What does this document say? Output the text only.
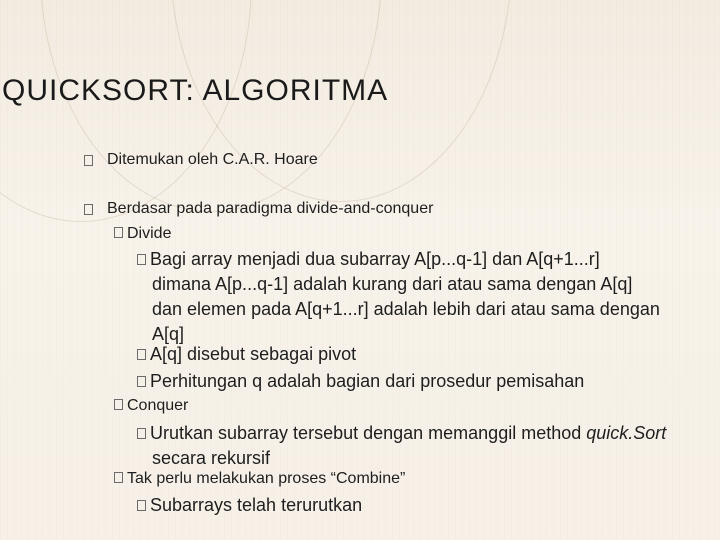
QUICKSORT: ALGORITMA
Ditemukan oleh C.A.R. Hoare
Berdasar pada paradigma divide-and-conquer
Divide
Bagi array menjadi dua subarray A[p...q-1] dan A[q+1...r]
dimana A[p...q-1] adalah kurang dari atau sama dengan A[q]
dan elemen pada A[q+1...r] adalah lebih dari atau sama dengan
A[q]
A[q] disebut sebagai pivot
Perhitungan q adalah bagian dari prosedur pemisahan
Conquer
Urutkan subarray tersebut dengan memanggil method quick.Sort
secara rekursif
Tak perlu melakukan proses “Combine”
Subarrays telah terurutkan
